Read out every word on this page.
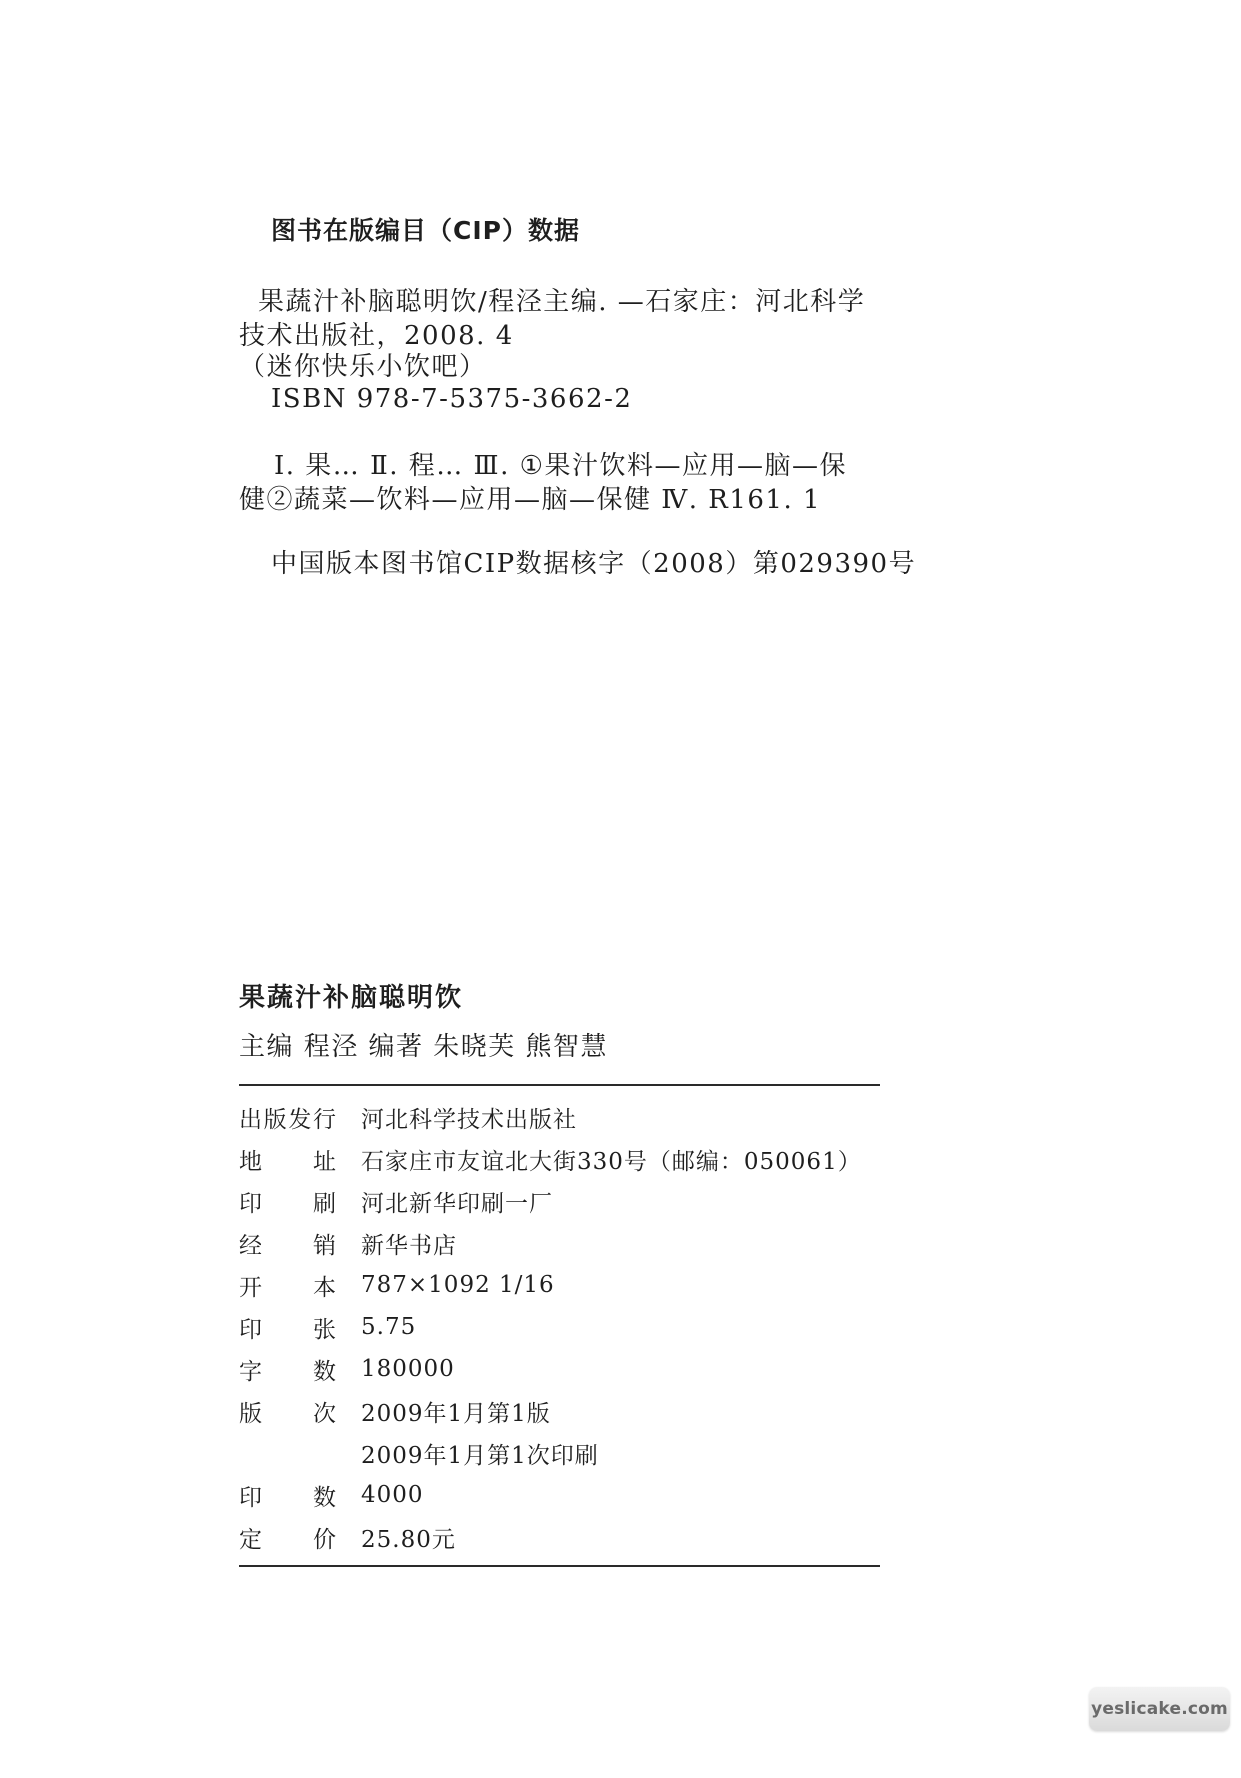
图书在版编目（CIP）数据
果蔬汁补脑聪明饮/程泾主编. —石家庄：河北科学
技术出版社，2008. 4
（迷你快乐小饮吧）
ISBN 978-7-5375-3662-2
Ⅰ. 果… Ⅱ. 程… Ⅲ. ①果汁饮料—应用—脑—保
健②蔬菜—饮料—应用—脑—保健 Ⅳ. R161. 1
中国版本图书馆CIP数据核字（2008）第029390号
果蔬汁补脑聪明饮
主编 程泾 编著 朱晓芙 熊智慧
出版发行 河北科学技术出版社
地址 石家庄市友谊北大街330号（邮编：050061）
印刷 河北新华印刷一厂
经销 新华书店
开本 787×1092 1/16
印张 5.75
字数 180000
版次 2009年1月第1版
2009年1月第1次印刷
印数 4000
定价 25.80元
yeslicake.com
